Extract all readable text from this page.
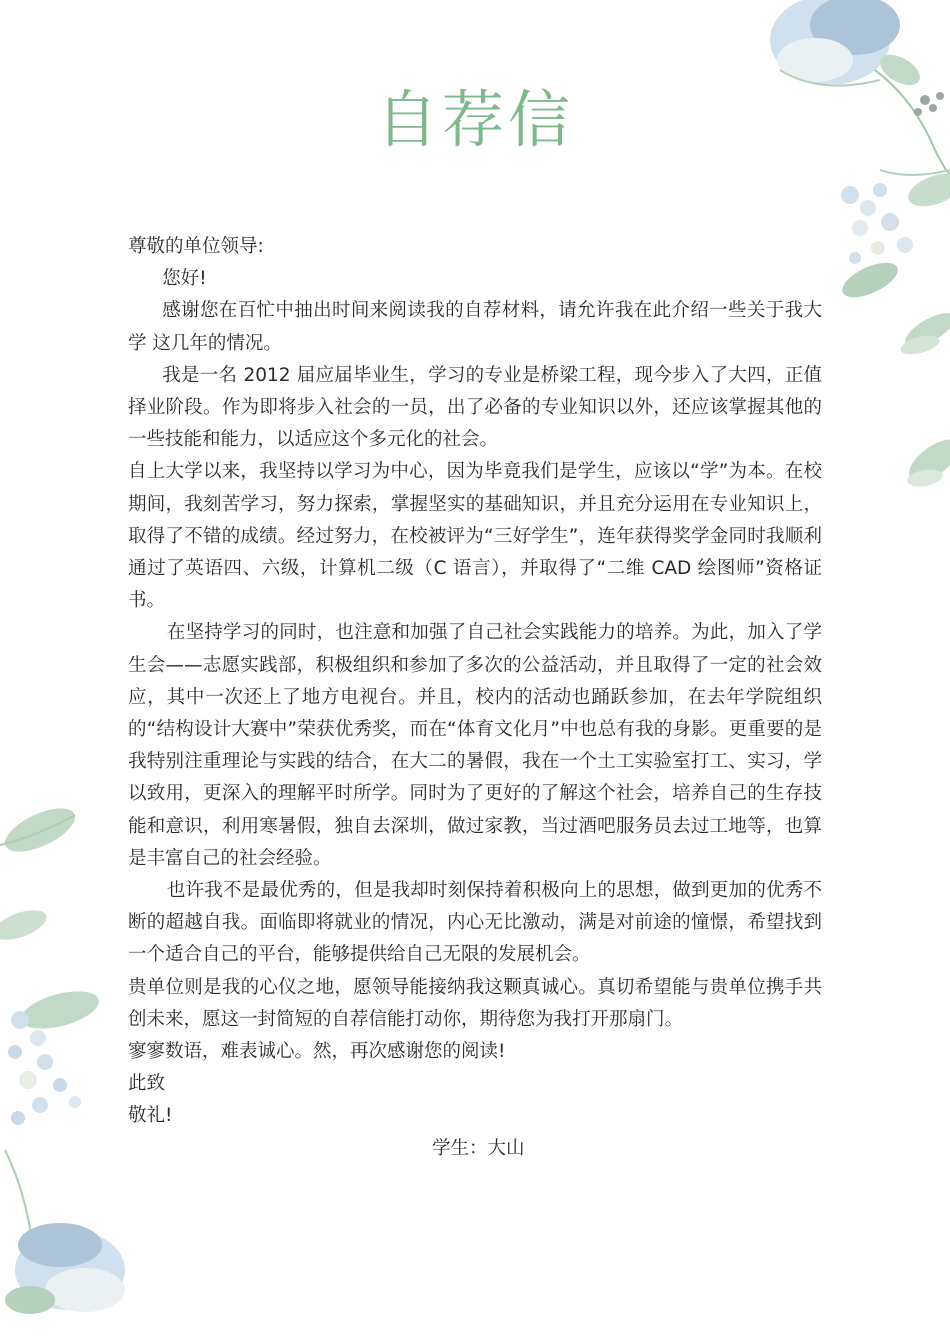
自荐信

尊敬的单位领导:

您好!

感谢您在百忙中抽出时间来阅读我的自荐材料，请允许我在此介绍一些关于我大学 这几年的情况。

我是一名 2012 届应届毕业生，学习的专业是桥梁工程，现今步入了大四，正值择业阶段。作为即将步入社会的一员，出了必备的专业知识以外，还应该掌握其他的一些技能和能力，以适应这个多元化的社会。

自上大学以来，我坚持以学习为中心，因为毕竟我们是学生，应该以“学”为本。在校期间，我刻苦学习，努力探索，掌握坚实的基础知识，并且充分运用在专业知识上，取得了不错的成绩。经过努力，在校被评为“三好学生”，连年获得奖学金同时我顺利通过了英语四、六级，计算机二级（C 语言），并取得了“二维 CAD 绘图师”资格证书。

在坚持学习的同时，也注意和加强了自己社会实践能力的培养。为此，加入了学生会——志愿实践部，积极组织和参加了多次的公益活动，并且取得了一定的社会效应，其中一次还上了地方电视台。并且，校内的活动也踊跃参加，在去年学院组织的“结构设计大赛中”荣获优秀奖，而在“体育文化月”中也总有我的身影。更重要的是我特别注重理论与实践的结合，在大二的暑假，我在一个土工实验室打工、实习，学以致用，更深入的理解平时所学。同时为了更好的了解这个社会，培养自己的生存技能和意识，利用寒暑假，独自去深圳，做过家教，当过酒吧服务员去过工地等，也算是丰富自己的社会经验。

也许我不是最优秀的，但是我却时刻保持着积极向上的思想，做到更加的优秀不断的超越自我。面临即将就业的情况，内心无比激动，满是对前途的憧憬，希望找到一个适合自己的平台，能够提供给自己无限的发展机会。

贵单位则是我的心仪之地，愿领导能接纳我这颗真诚心。真切希望能与贵单位携手共创未来，愿这一封简短的自荐信能打动你，期待您为我打开那扇门。

寥寥数语，难表诚心。然，再次感谢您的阅读!

此致

敬礼!

学生：大山
